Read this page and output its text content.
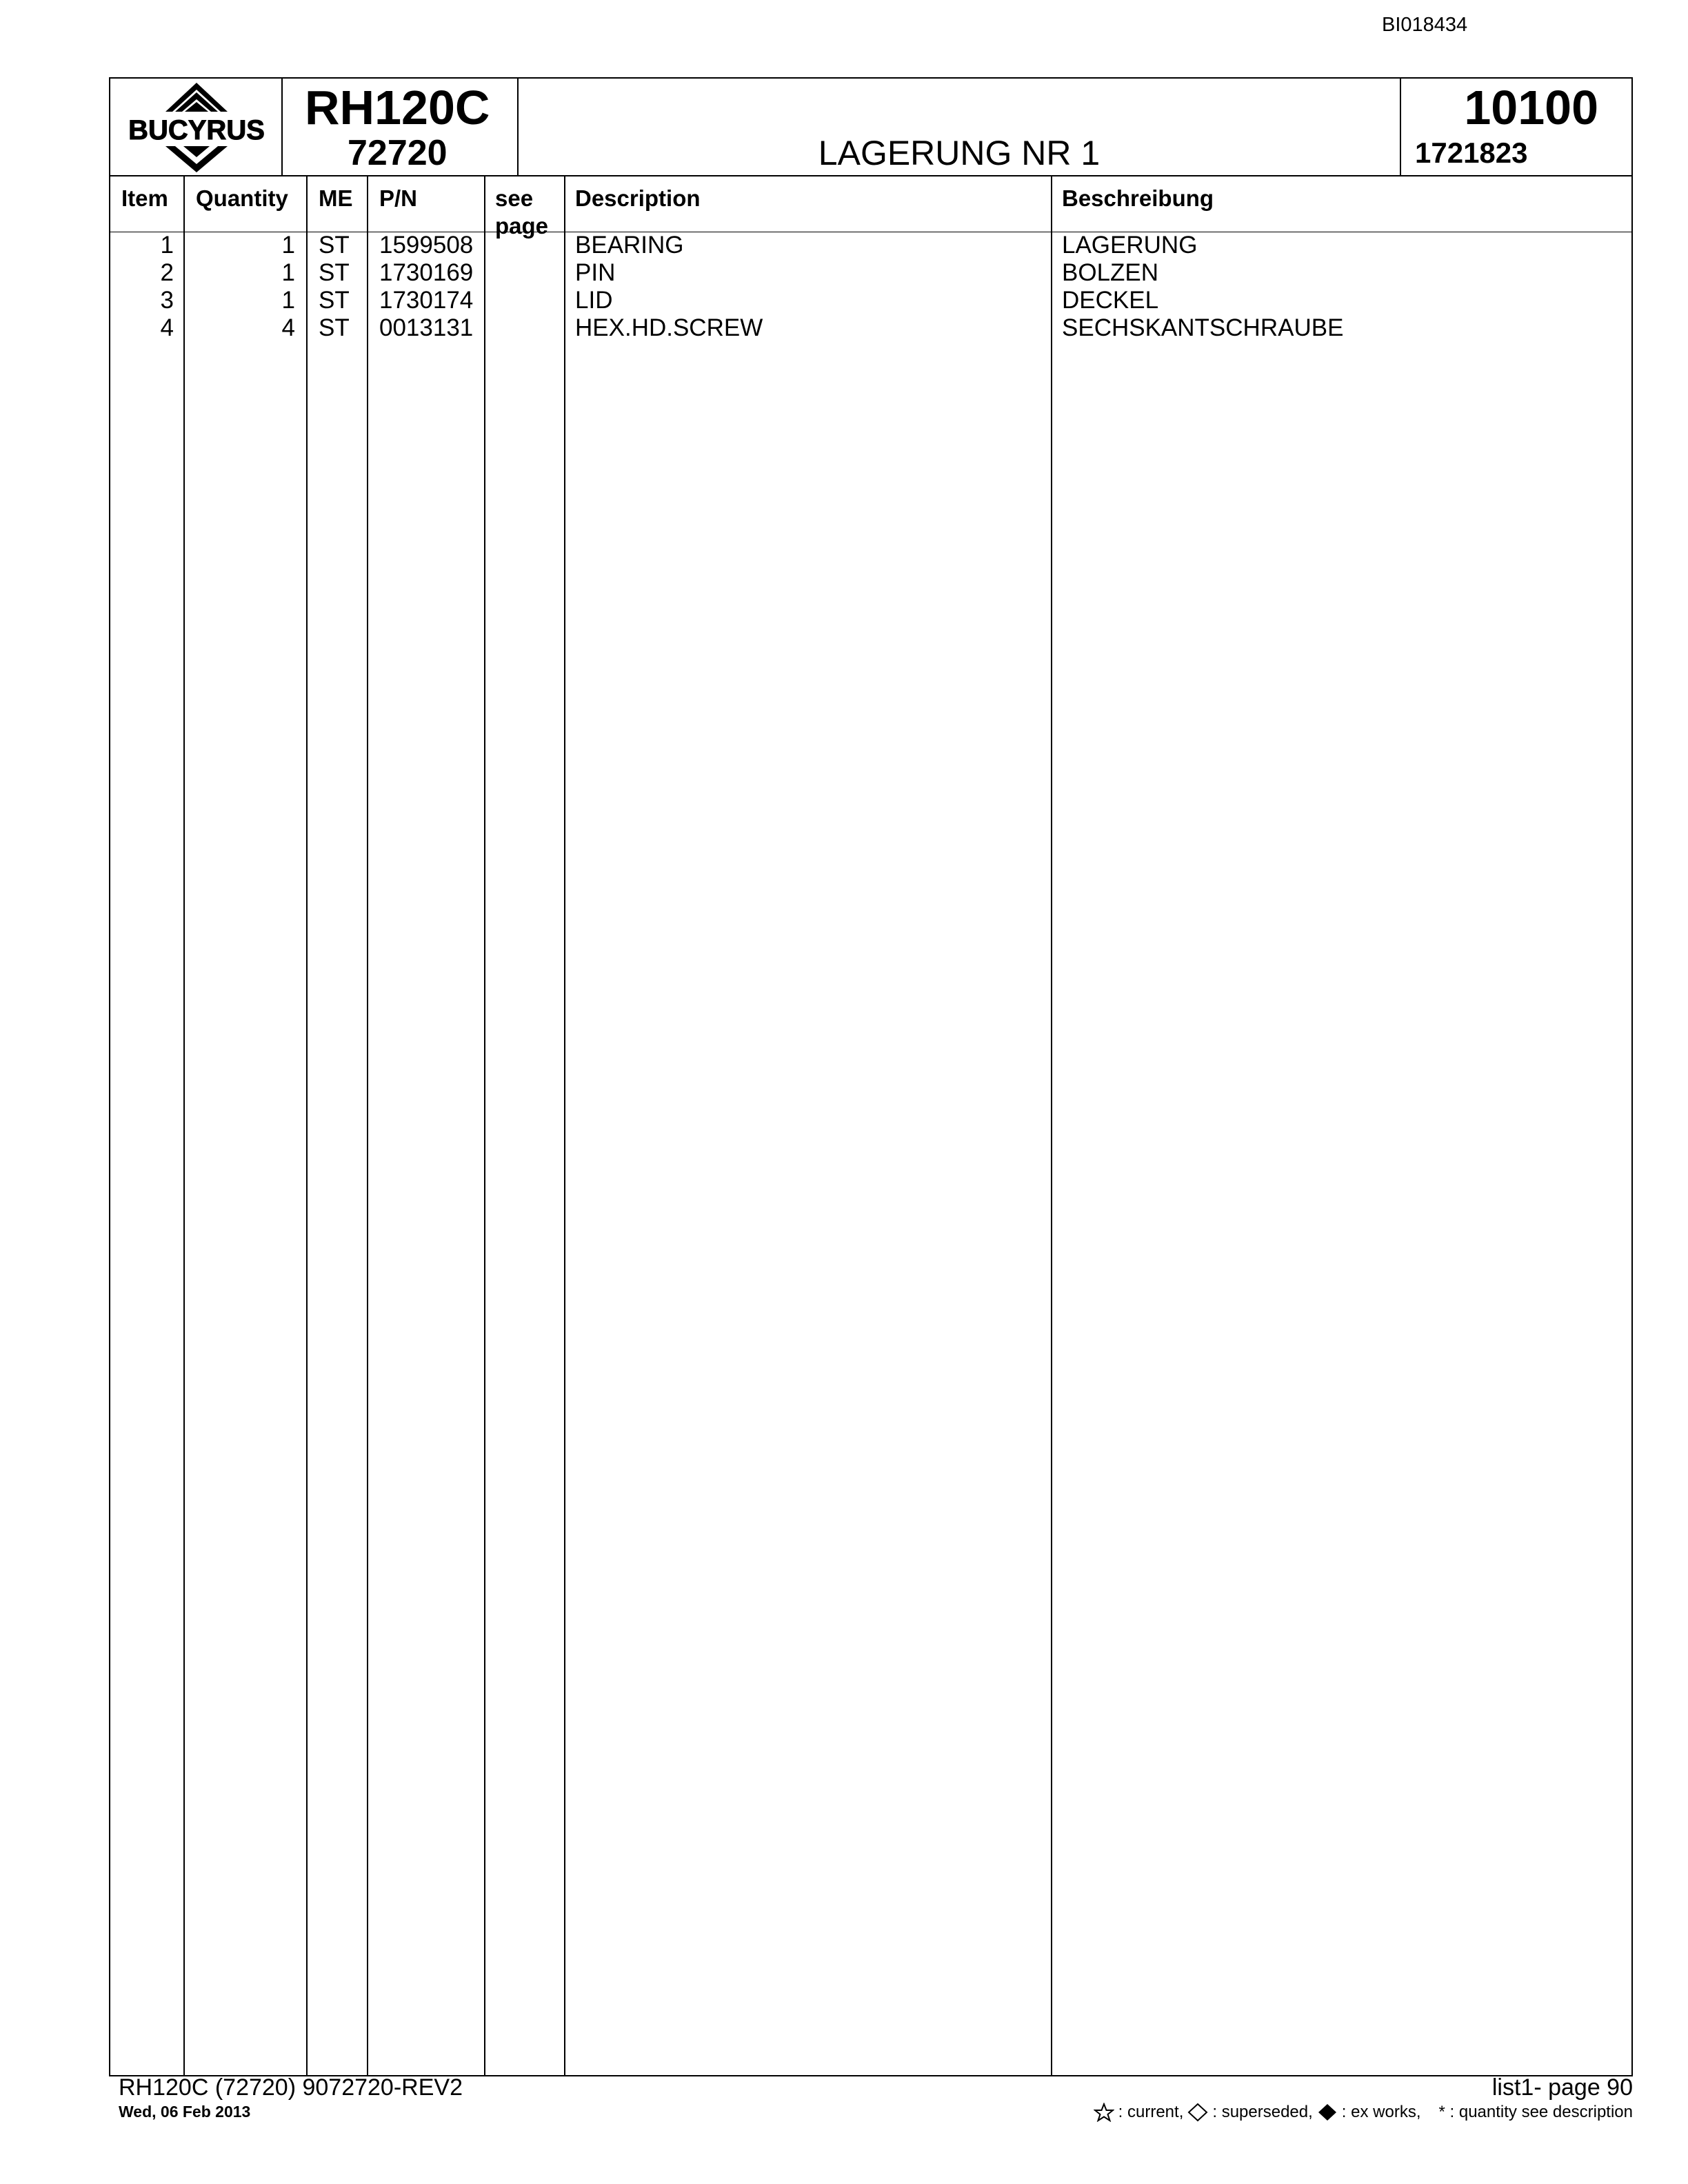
BI018434
BUCYRUS RH120C
72720	LAGERUNG NR 1
10100
1721823
Item Quantity ME P/N	see
page
Description	Beschreibung
1	1 ST 1599508	BEARING	LAGERUNG
2	1 ST 1730169	PIN	BOLZEN
3	1 ST 1730174	LID	DECKEL
4	4 ST 0013131	HEX.HD.SCREW	SECHSKANTSCHRAUBE
RH120C (72720) 9072720-REV2
Wed, 06 Feb 2013
list1- page 90
: current, : superseded, : ex works, * : quantity see description
